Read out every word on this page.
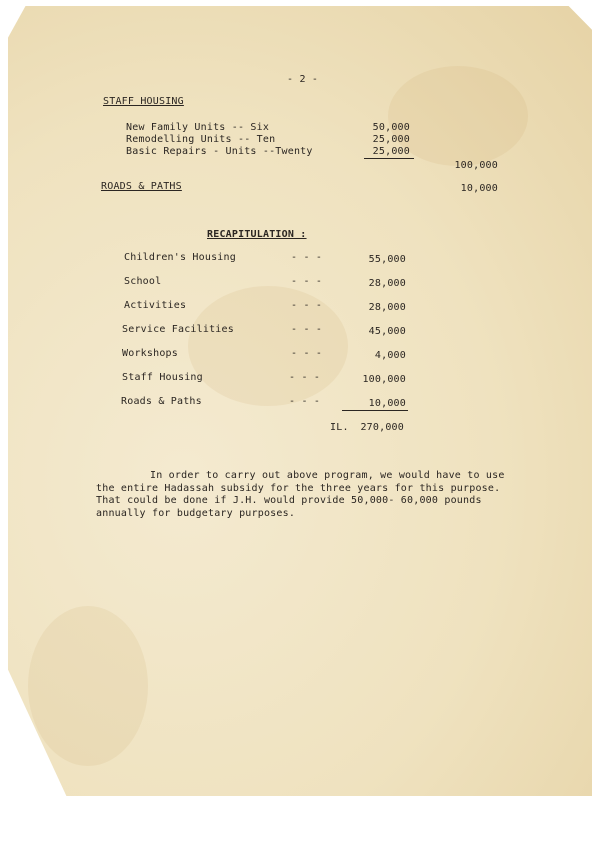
- 2 -
STAFF HOUSING
New Family Units -- Six	50,000
Remodelling Units -- Ten	25,000
Basic Repairs - Units --Twenty	25,000
100,000
ROADS & PATHS	10,000
RECAPITULATION :
Children's Housing	- - -	55,000
School	- - -	28,000
Activities	- - -	28,000
Service Facilities	- - -	45,000
Workshops	- - -	4,000
Staff Housing	- - -	100,000
Roads & Paths	- - -	10,000
IL.	270,000
In order to carry out above program, we would have to use the entire Hadassah subsidy for the three years for this purpose. That could be done if J.H. would provide 50,000- 60,000 pounds annually for budgetary purposes.
